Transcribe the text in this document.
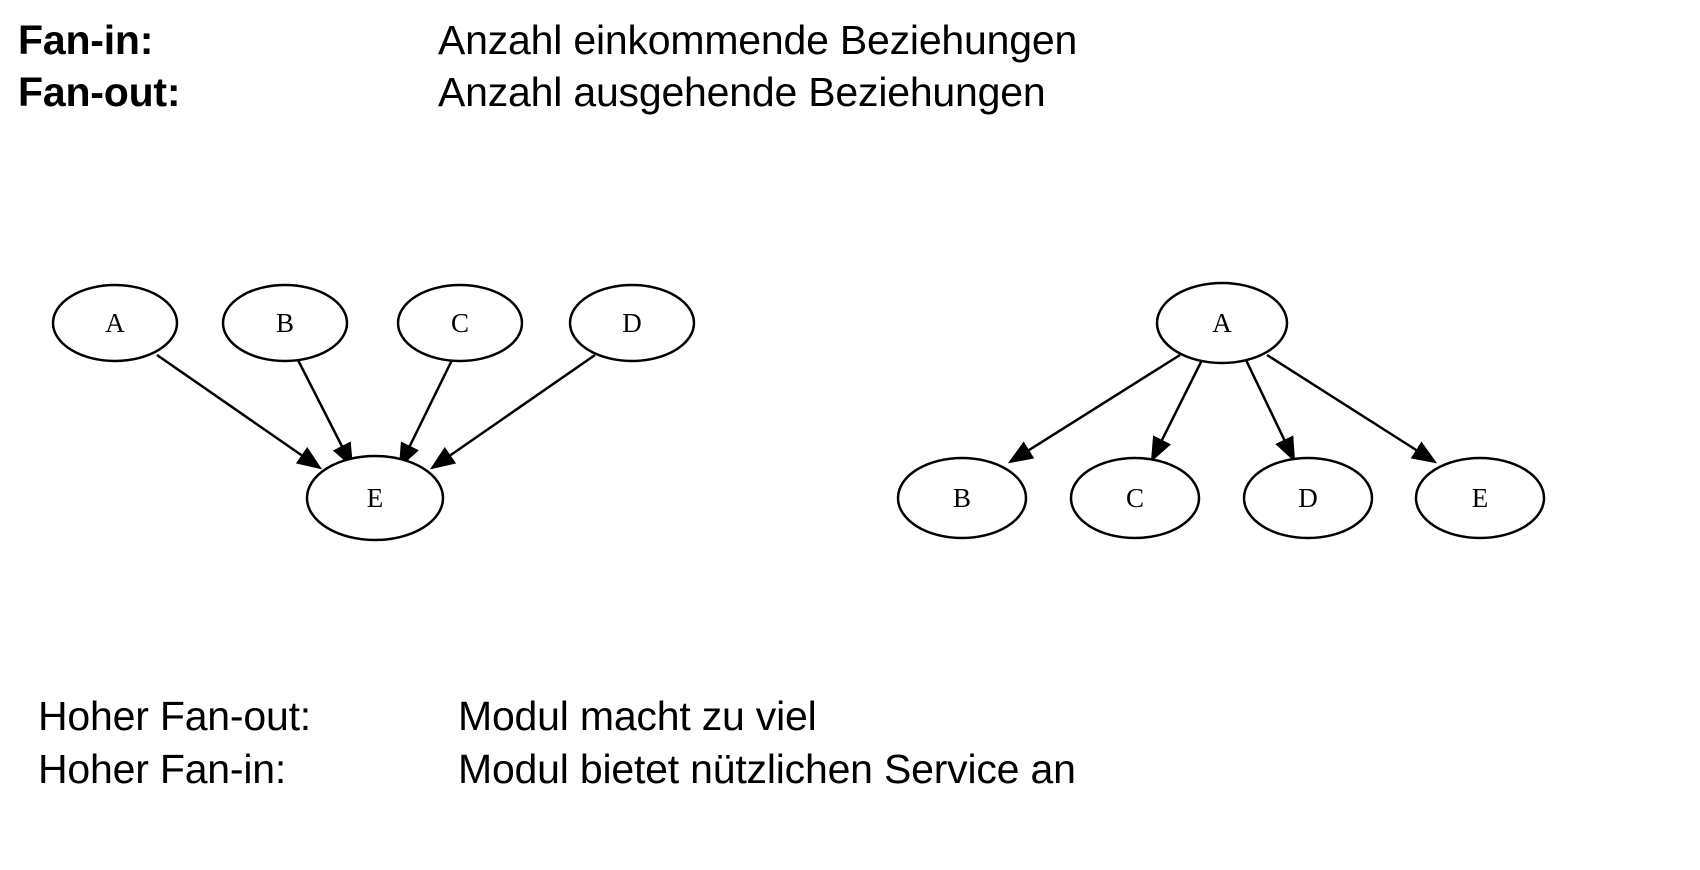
Fan-in:	Anzahl einkommende Beziehungen
Fan-out:	Anzahl ausgehende Beziehungen
A	B	C	D
E
A
B	C	D	E
Hoher Fan-out:	Modul macht zu viel
Hoher Fan-in:	Modul bietet nützlichen Service an
